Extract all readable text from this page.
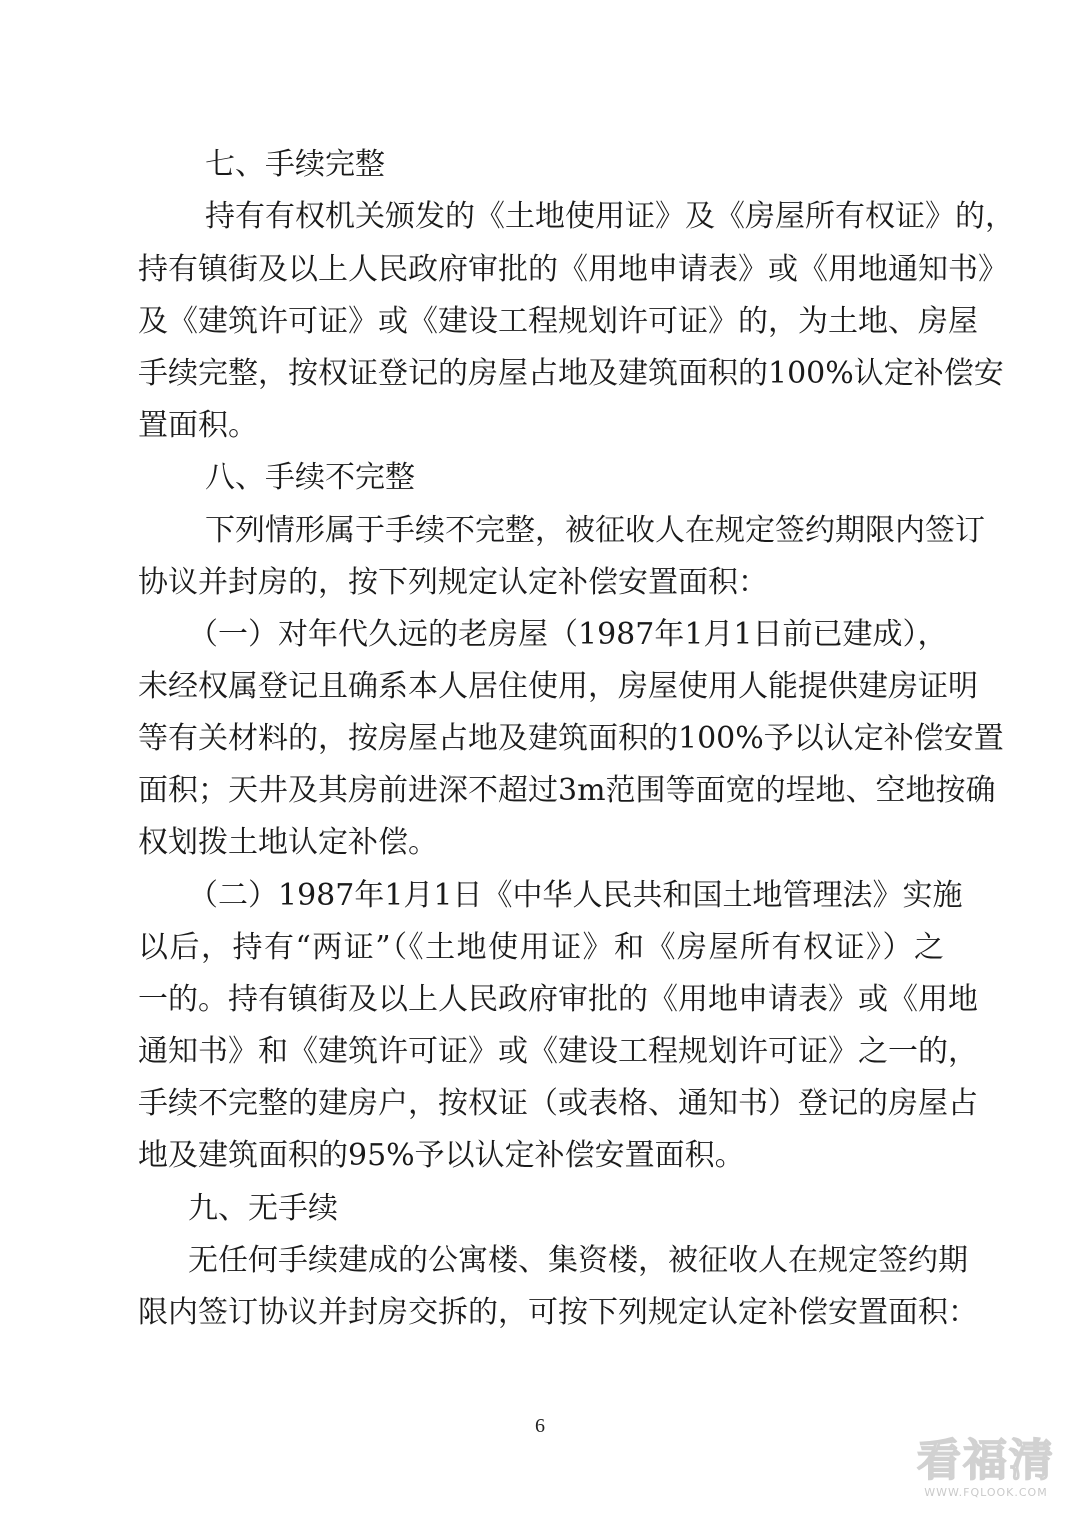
七、手续完整
持有有权机关颁发的《土地使用证》及《房屋所有权证》的，
持有镇街及以上人民政府审批的《用地申请表》或《用地通知书》
及《建筑许可证》或《建设工程规划许可证》的，为土地、房屋
手续完整，按权证登记的房屋占地及建筑面积的100%认定补偿安
置面积。
八、手续不完整
下列情形属于手续不完整，被征收人在规定签约期限内签订
协议并封房的，按下列规定认定补偿安置面积：
（一）对年代久远的老房屋（1987年1月1日前已建成），
未经权属登记且确系本人居住使用，房屋使用人能提供建房证明
等有关材料的，按房屋占地及建筑面积的100%予以认定补偿安置
面积；天井及其房前进深不超过3m范围等面宽的埕地、空地按确
权划拨土地认定补偿。
（二）1987年1月1日《中华人民共和国土地管理法》实施
以后，持有“两证”（《土地使用证》和《房屋所有权证》）之
一的。持有镇街及以上人民政府审批的《用地申请表》或《用地
通知书》和《建筑许可证》或《建设工程规划许可证》之一的，
手续不完整的建房户，按权证（或表格、通知书）登记的房屋占
地及建筑面积的95%予以认定补偿安置面积。
九、无手续
无任何手续建成的公寓楼、集资楼，被征收人在规定签约期
限内签订协议并封房交拆的，可按下列规定认定补偿安置面积：
6
看福清
WWW.FQLOOK.COM
